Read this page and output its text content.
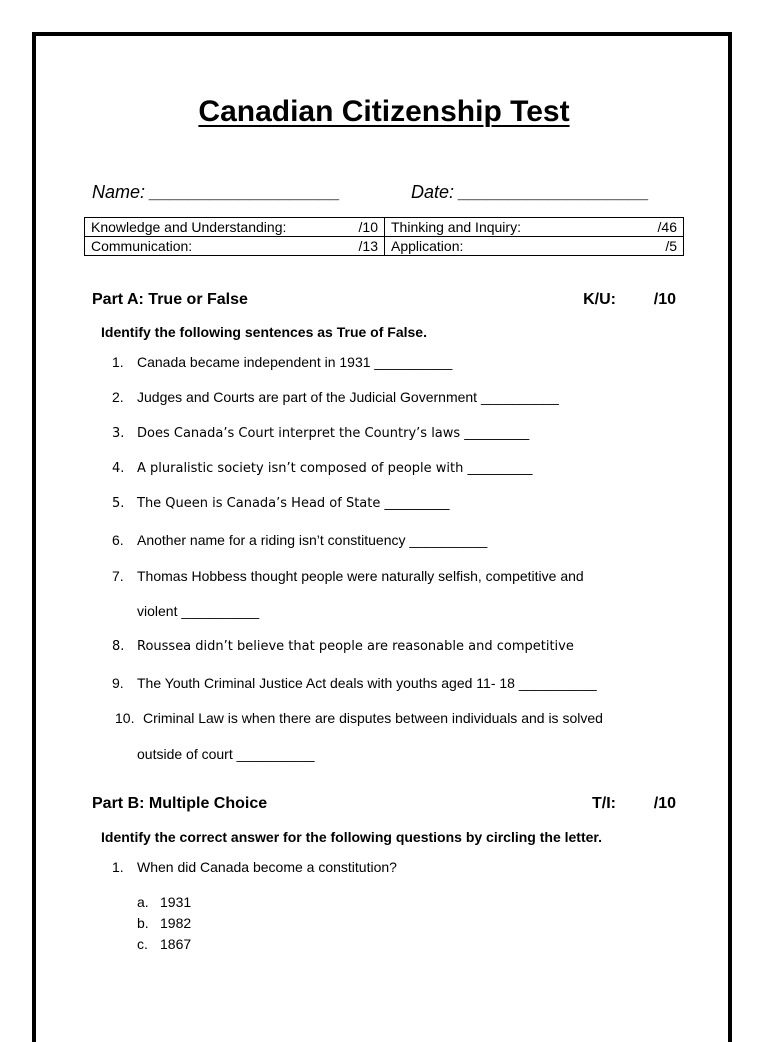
Canadian Citizenship Test
Name: ___________________	Date: ___________________
Knowledge and Understanding: /10	Thinking and Inquiry: /46

Communication: /13	Application: /5
Part A: True or False	K/U: /10
Identify the following sentences as True of False.
1. Canada became independent in 1931 __________
2. Judges and Courts are part of the Judicial Government __________
3. Does Canada’s Court interpret the Country’s laws __________
4. A pluralistic society isn’t composed of people with __________
5. The Queen is Canada’s Head of State __________
6. Another name for a riding isn’t constituency __________
7. Thomas Hobbess thought people were naturally selfish, competitive and
violent __________
8. Roussea didn’t believe that people are reasonable and competitive
9. The Youth Criminal Justice Act deals with youths aged 11- 18 __________
10. Criminal Law is when there are disputes between individuals and is solved
outside of court __________
Part B: Multiple Choice	T/I: /10
Identify the correct answer for the following questions by circling the letter.
1. When did Canada become a constitution?
a. 1931
b. 1982
c. 1867
